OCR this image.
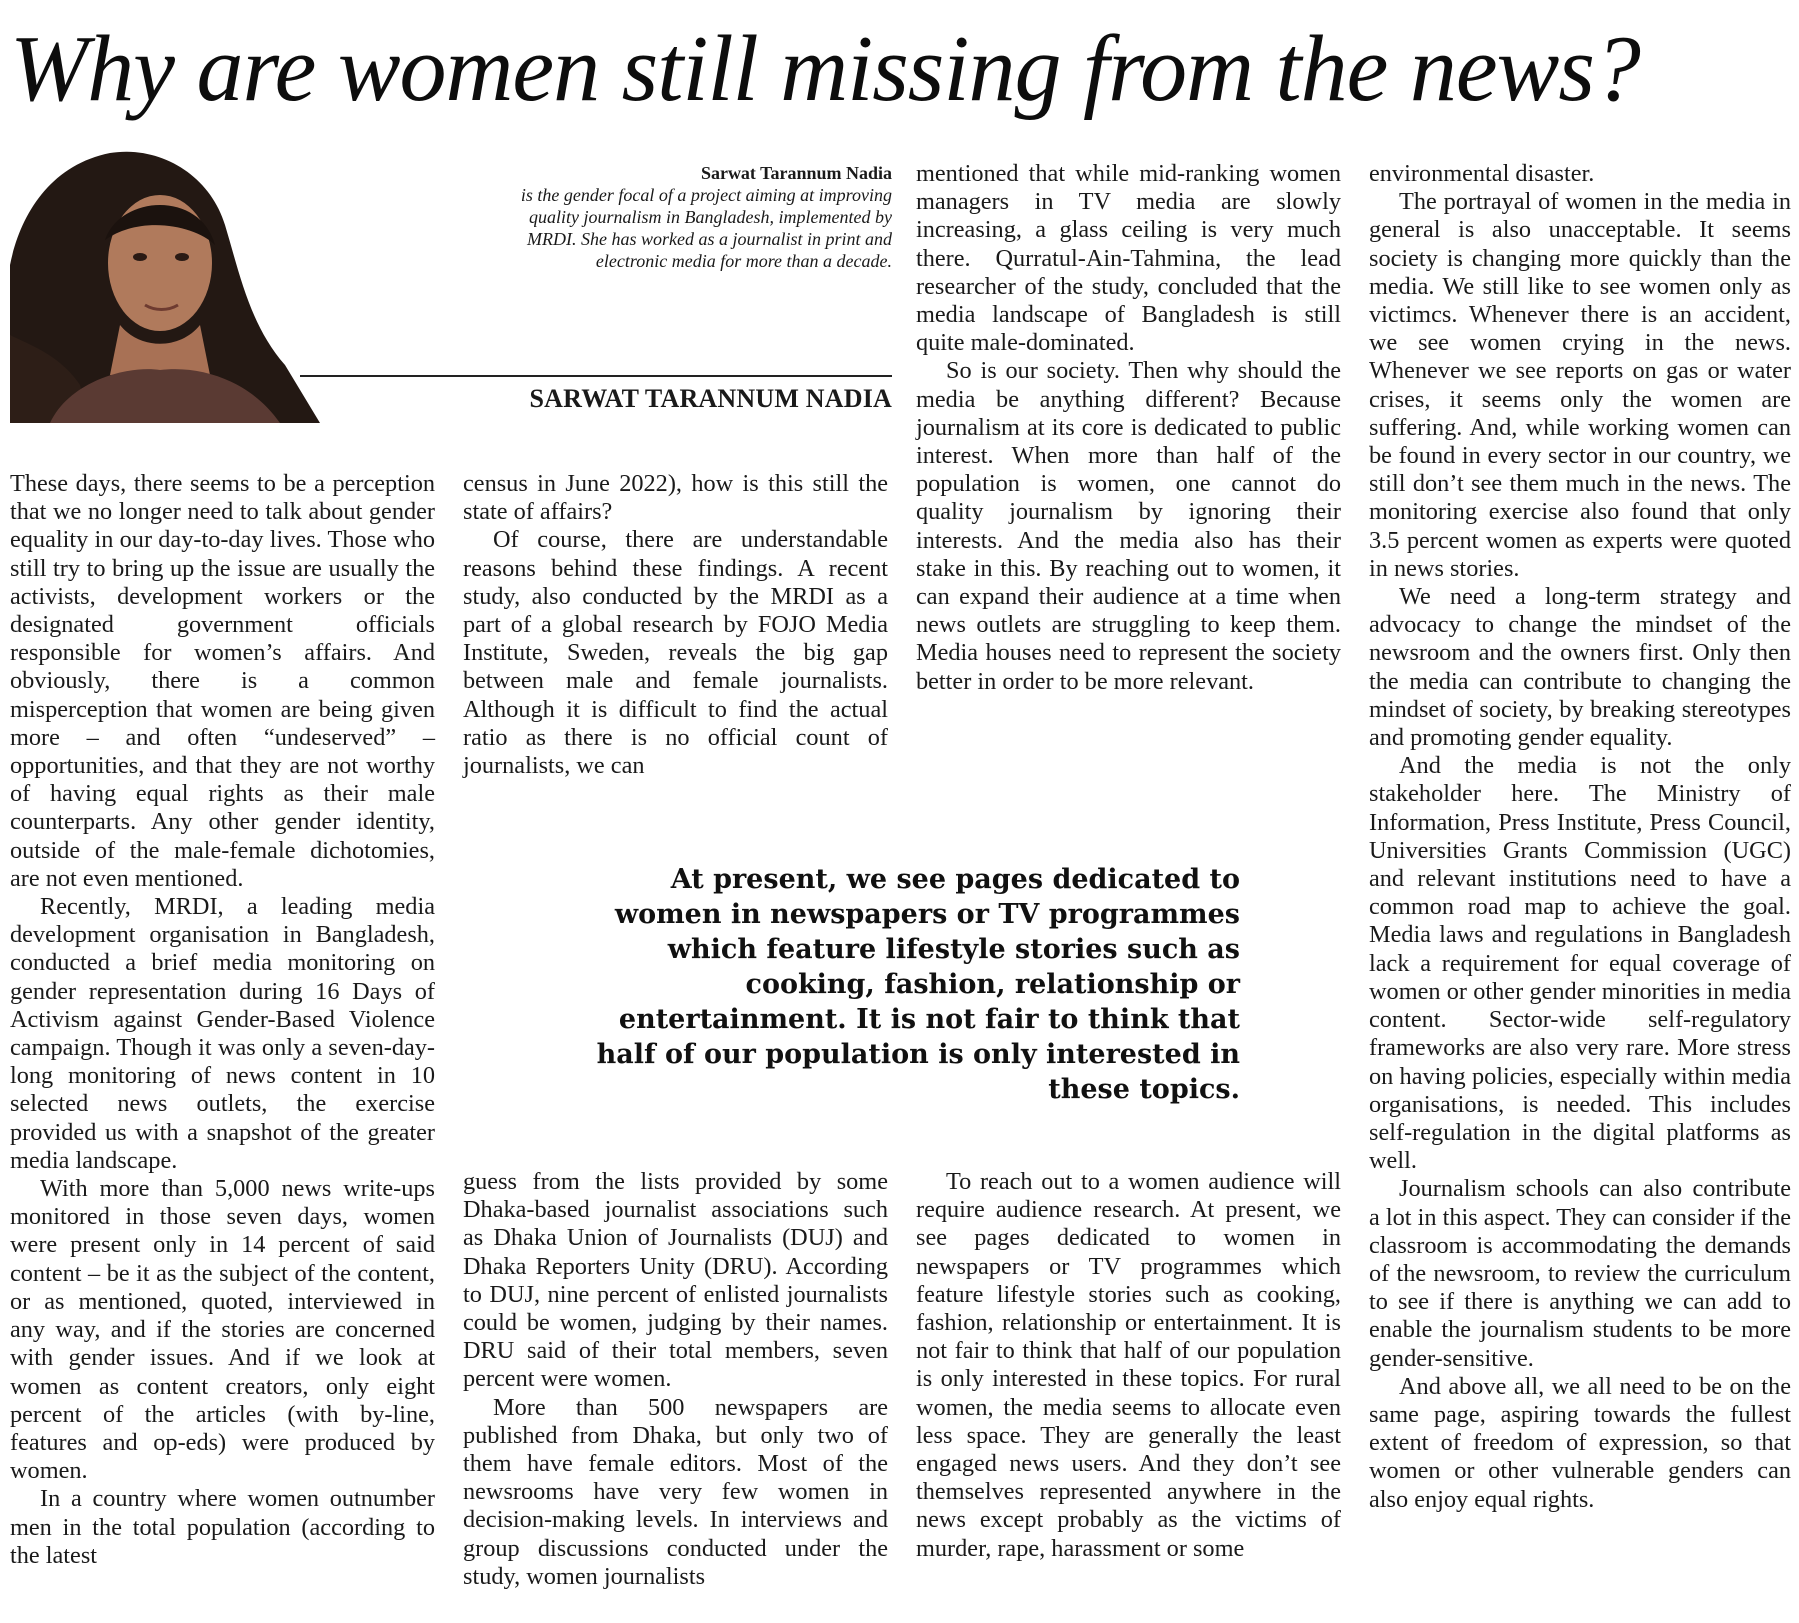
Why are women still missing from the news?
Sarwat Tarannum Nadia
is the gender focal of a project aiming at improving quality journalism in Bangladesh, implemented by MRDI. She has worked as a journalist in print and electronic media for more than a decade.
SARWAT TARANNUM NADIA

These days, there seems to be a perception that we no longer need to talk about gender equality in our day-to-day lives. Those who still try to bring up the issue are usually the activists, development workers or the designated government officials responsible for women’s affairs. And obviously, there is a common misperception that women are being given more – and often “undeserved” – opportunities, and that they are not worthy of having equal rights as their male counterparts. Any other gender identity, outside of the male-female dichotomies, are not even mentioned.

Recently, MRDI, a leading media development organisation in Bangladesh, conducted a brief media monitoring on gender representation during 16 Days of Activism against Gender-Based Violence campaign. Though it was only a seven-day-long monitoring of news content in 10 selected news outlets, the exercise provided us with a snapshot of the greater media landscape.

With more than 5,000 news write-ups monitored in those seven days, women were present only in 14 percent of said content – be it as the subject of the content, or as mentioned, quoted, interviewed in any way, and if the stories are concerned with gender issues. And if we look at women as content creators, only eight percent of the articles (with by-line, features and op-eds) were produced by women.

In a country where women outnumber men in the total population (according to the latest

census in June 2022), how is this still the state of affairs?

Of course, there are understandable reasons behind these findings. A recent study, also conducted by the MRDI as a part of a global research by FOJO Media Institute, Sweden, reveals the big gap between male and female journalists. Although it is difficult to find the actual ratio as there is no official count of journalists, we can

mentioned that while mid-ranking women managers in TV media are slowly increasing, a glass ceiling is very much there. Qurratul-Ain-Tahmina, the lead researcher of the study, concluded that the media landscape of Bangladesh is still quite male-dominated.

So is our society. Then why should the media be anything different? Because journalism at its core is dedicated to public interest. When more than half of the population is women, one cannot do quality journalism by ignoring their interests. And the media also has their stake in this. By reaching out to women, it can expand their audience at a time when news outlets are struggling to keep them. Media houses need to represent the society better in order to be more relevant.

At present, we see pages dedicated to women in newspapers or TV programmes which feature lifestyle stories such as cooking, fashion, relationship or entertainment. It is not fair to think that half of our population is only interested in these topics.

guess from the lists provided by some Dhaka-based journalist associations such as Dhaka Union of Journalists (DUJ) and Dhaka Reporters Unity (DRU). According to DUJ, nine percent of enlisted journalists could be women, judging by their names. DRU said of their total members, seven percent were women.

More than 500 newspapers are published from Dhaka, but only two of them have female editors. Most of the newsrooms have very few women in decision-making levels. In interviews and group discussions conducted under the study, women journalists

To reach out to a women audience will require audience research. At present, we see pages dedicated to women in newspapers or TV programmes which feature lifestyle stories such as cooking, fashion, relationship or entertainment. It is not fair to think that half of our population is only interested in these topics. For rural women, the media seems to allocate even less space. They are generally the least engaged news users. And they don’t see themselves represented anywhere in the news except probably as the victims of murder, rape, harassment or some

environmental disaster.

The portrayal of women in the media in general is also unacceptable. It seems society is changing more quickly than the media. We still like to see women only as victimcs. Whenever there is an accident, we see women crying in the news. Whenever we see reports on gas or water crises, it seems only the women are suffering. And, while working women can be found in every sector in our country, we still don’t see them much in the news. The monitoring exercise also found that only 3.5 percent women as experts were quoted in news stories.

We need a long-term strategy and advocacy to change the mindset of the newsroom and the owners first. Only then the media can contribute to changing the mindset of society, by breaking stereotypes and promoting gender equality.

And the media is not the only stakeholder here. The Ministry of Information, Press Institute, Press Council, Universities Grants Commission (UGC) and relevant institutions need to have a common road map to achieve the goal. Media laws and regulations in Bangladesh lack a requirement for equal coverage of women or other gender minorities in media content. Sector-wide self-regulatory frameworks are also very rare. More stress on having policies, especially within media organisations, is needed. This includes self-regulation in the digital platforms as well.

Journalism schools can also contribute a lot in this aspect. They can consider if the classroom is accommodating the demands of the newsroom, to review the curriculum to see if there is anything we can add to enable the journalism students to be more gender-sensitive.

And above all, we all need to be on the same page, aspiring towards the fullest extent of freedom of expression, so that women or other vulnerable genders can also enjoy equal rights.
